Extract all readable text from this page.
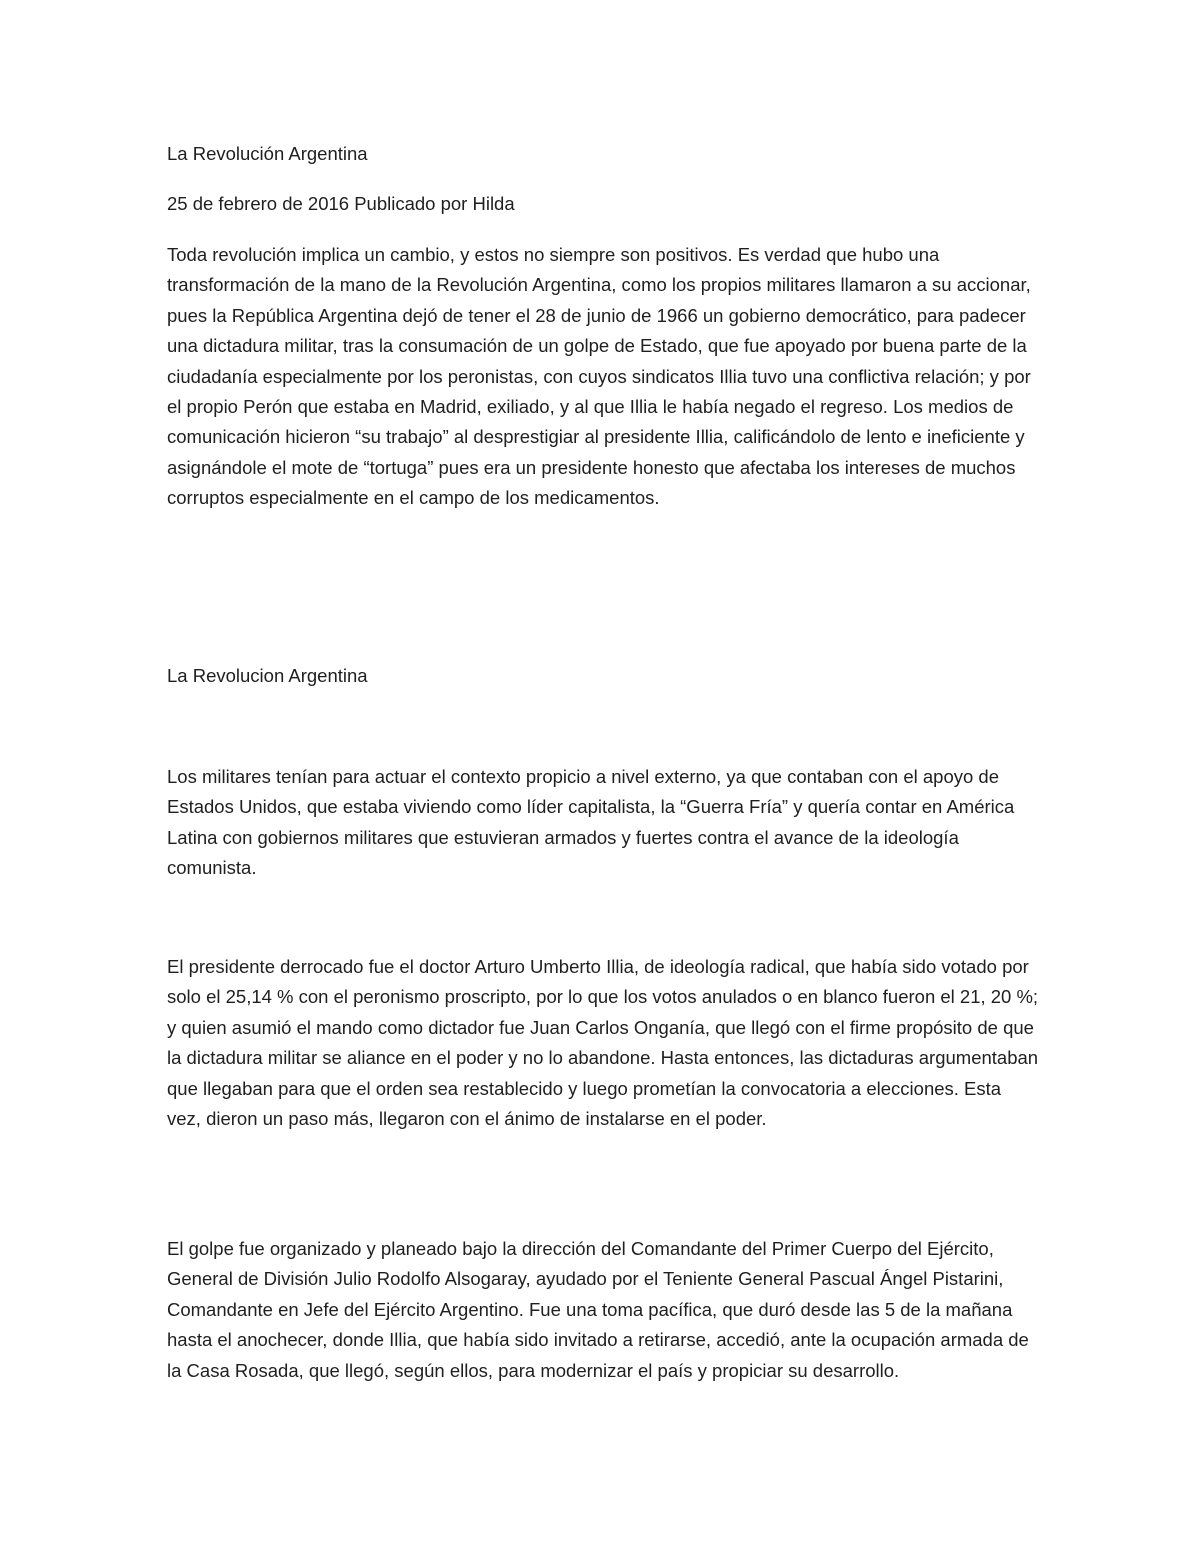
La Revolución Argentina

25 de febrero de 2016 Publicado por Hilda

Toda revolución implica un cambio, y estos no siempre son positivos. Es verdad que hubo una transformación de la mano de la Revolución Argentina, como los propios militares llamaron a su accionar, pues la República Argentina dejó de tener el 28 de junio de 1966 un gobierno democrático, para padecer una dictadura militar, tras la consumación de un golpe de Estado, que fue apoyado por buena parte de la ciudadanía especialmente por los peronistas, con cuyos sindicatos Illia tuvo una conflictiva relación; y por el propio Perón que estaba en Madrid, exiliado, y al que Illia le había negado el regreso. Los medios de comunicación hicieron “su trabajo” al desprestigiar al presidente Illia, calificándolo de lento e ineficiente y asignándole el mote de “tortuga” pues era un presidente honesto que afectaba los intereses de muchos corruptos especialmente en el campo de los medicamentos.

La Revolucion Argentina

Los militares tenían para actuar el contexto propicio a nivel externo, ya que contaban con el apoyo de Estados Unidos, que estaba viviendo como líder capitalista, la “Guerra Fría” y quería contar en América Latina con gobiernos militares que estuvieran armados y fuertes contra el avance de la ideología comunista.

El presidente derrocado fue el doctor Arturo Umberto Illia, de ideología radical, que había sido votado por solo el 25,14 % con el peronismo proscripto, por lo que los votos anulados o en blanco fueron el 21, 20 %; y quien asumió el mando como dictador fue Juan Carlos Onganía, que llegó con el firme propósito de que la dictadura militar se aliance en el poder y no lo abandone. Hasta entonces, las dictaduras argumentaban que llegaban para que el orden sea restablecido y luego prometían la convocatoria a elecciones. Esta vez, dieron un paso más, llegaron con el ánimo de instalarse en el poder.

El golpe fue organizado y planeado bajo la dirección del Comandante del Primer Cuerpo del Ejército, General de División Julio Rodolfo Alsogaray, ayudado por el Teniente General Pascual Ángel Pistarini, Comandante en Jefe del Ejército Argentino. Fue una toma pacífica, que duró desde las 5 de la mañana hasta el anochecer, donde Illia, que había sido invitado a retirarse, accedió, ante la ocupación armada de la Casa Rosada, que llegó, según ellos, para modernizar el país y propiciar su desarrollo.
